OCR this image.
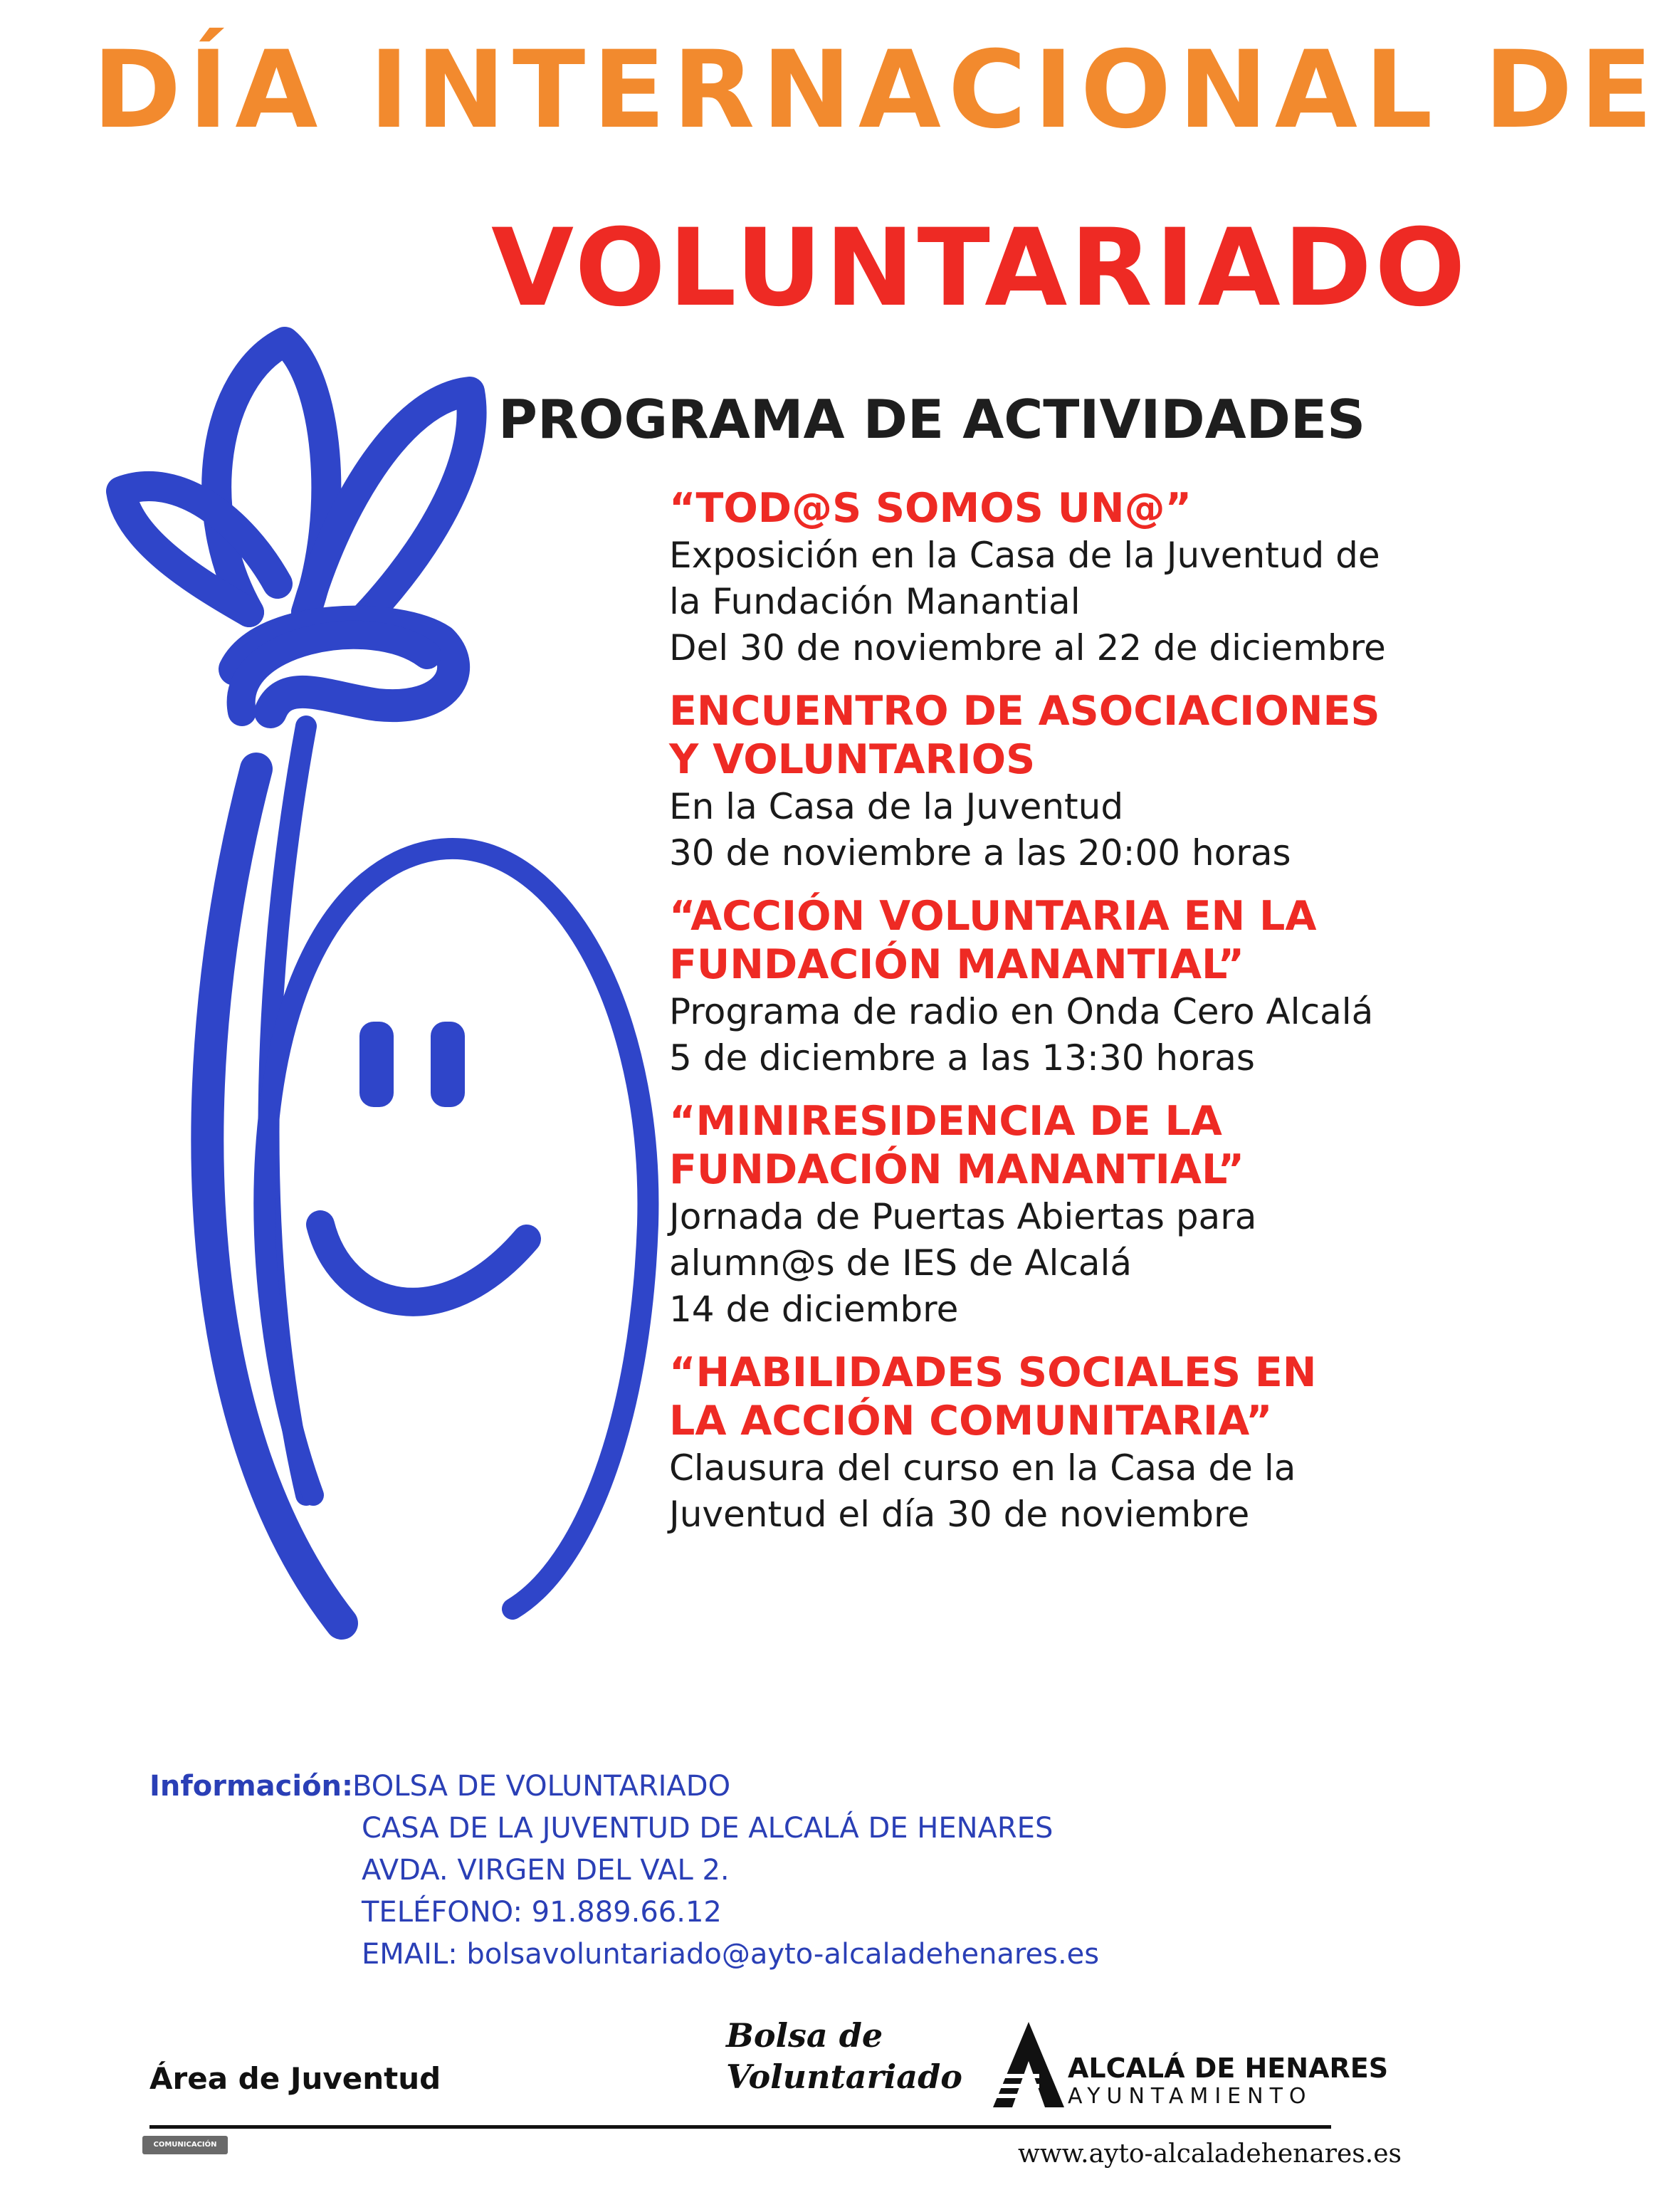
DÍA INTERNACIONAL DE
VOLUNTARIADO
PROGRAMA DE ACTIVIDADES
“TOD@S SOMOS UN@”
Exposición en la Casa de la Juventud de
la Fundación Manantial
Del 30 de noviembre al 22 de diciembre
ENCUENTRO DE ASOCIACIONES
Y VOLUNTARIOS
En la Casa de la Juventud
30 de noviembre a las 20:00 horas
“ACCIÓN VOLUNTARIA EN LA
FUNDACIÓN MANANTIAL”
Programa de radio en Onda Cero Alcalá
5 de diciembre a las 13:30 horas
“MINIRESIDENCIA DE LA
FUNDACIÓN MANANTIAL”
Jornada de Puertas Abiertas para
alumn@s de IES de Alcalá
14 de diciembre
“HABILIDADES SOCIALES EN
LA ACCIÓN COMUNITARIA”
Clausura del curso en la Casa de la
Juventud el día 30 de noviembre
Información:BOLSA DE VOLUNTARIADO
CASA DE LA JUVENTUD DE ALCALÁ DE HENARES
AVDA. VIRGEN DEL VAL 2.
TELÉFONO: 91.889.66.12
EMAIL: bolsavoluntariado@ayto-alcaladehenares.es
Área de Juventud
Bolsa de
Voluntariado	ALCALÁ DE HENARES
AYUNTAMIENTO
COMUNICACIÓN	www.ayto-alcaladehenares.es
